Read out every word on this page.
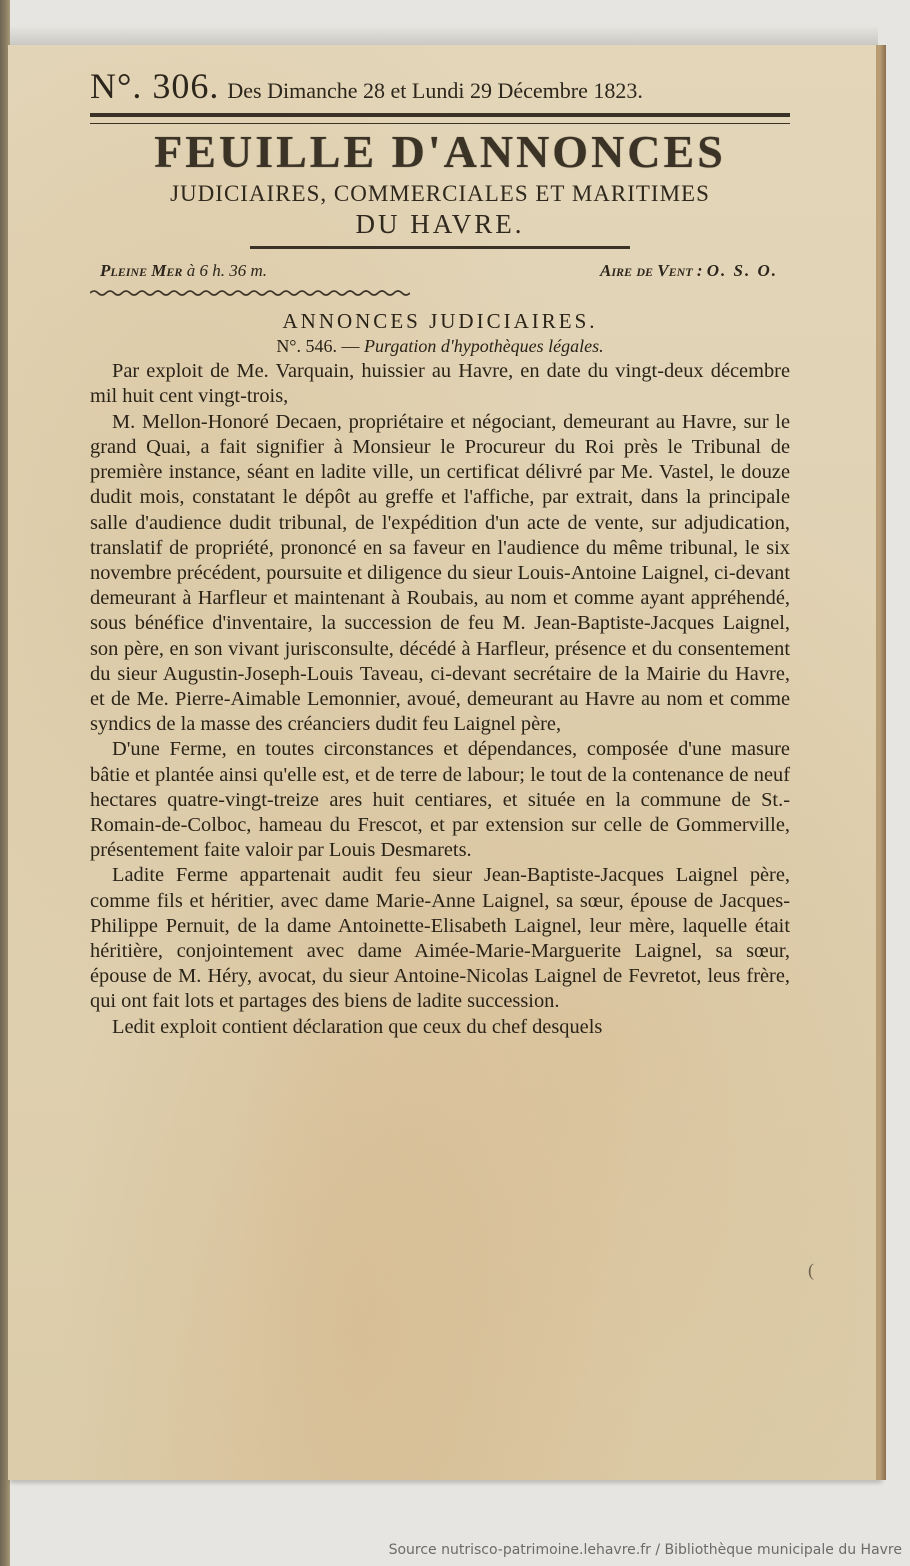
N°. 306. Des Dimanche 28 et Lundi 29 Décembre 1823.
FEUILLE D'ANNONCES
JUDICIAIRES, COMMERCIALES ET MARITIMES
DU HAVRE.
Pleine Mer à 6 h. 36 m.	Aire de Vent : O. S. O.
ANNONCES JUDICIAIRES.
N°. 546. — Purgation d'hypothèques légales.

Par exploit de Me. Varquain, huissier au Havre, en date du vingt-deux décembre mil huit cent vingt-trois,

M. Mellon-Honoré Decaen, propriétaire et négociant, demeurant au Havre, sur le grand Quai, a fait signifier à Monsieur le Procureur du Roi près le Tribunal de première instance, séant en ladite ville, un certificat délivré par Me. Vastel, le douze dudit mois, constatant le dépôt au greffe et l'affiche, par extrait, dans la principale salle d'audience dudit tribunal, de l'expédition d'un acte de vente, sur adjudication, translatif de propriété, prononcé en sa faveur en l'audience du même tribunal, le six novembre précédent, poursuite et diligence du sieur Louis-Antoine Laignel, ci-devant demeurant à Harfleur et maintenant à Roubais, au nom et comme ayant appréhendé, sous bénéfice d'inventaire, la succession de feu M. Jean-Baptiste-Jacques Laignel, son père, en son vivant jurisconsulte, décédé à Harfleur, présence et du consentement du sieur Augustin-Joseph-Louis Taveau, ci-devant secrétaire de la Mairie du Havre, et de Me. Pierre-Aimable Lemonnier, avoué, demeurant au Havre au nom et comme syndics de la masse des créanciers dudit feu Laignel père,

D'une Ferme, en toutes circonstances et dépendances, composée d'une masure bâtie et plantée ainsi qu'elle est, et de terre de labour; le tout de la contenance de neuf hectares quatre-vingt-treize ares huit centiares, et située en la commune de St.-Romain-de-Colboc, hameau du Frescot, et par extension sur celle de Gommerville, présentement faite valoir par Louis Desmarets.

Ladite Ferme appartenait audit feu sieur Jean-Baptiste-Jacques Laignel père, comme fils et héritier, avec dame Marie-Anne Laignel, sa sœur, épouse de Jacques-Philippe Pernuit, de la dame Antoinette-Elisabeth Laignel, leur mère, laquelle était héritière, conjointement avec dame Aimée-Marie-Marguerite Laignel, sa sœur, épouse de M. Héry, avocat, du sieur Antoine-Nicolas Laignel de Fevretot, leus frère, qui ont fait lots et partages des biens de ladite succession.

Ledit exploit contient déclaration que ceux du chef desquels

(
Source nutrisco-patrimoine.lehavre.fr / Bibliothèque municipale du Havre
